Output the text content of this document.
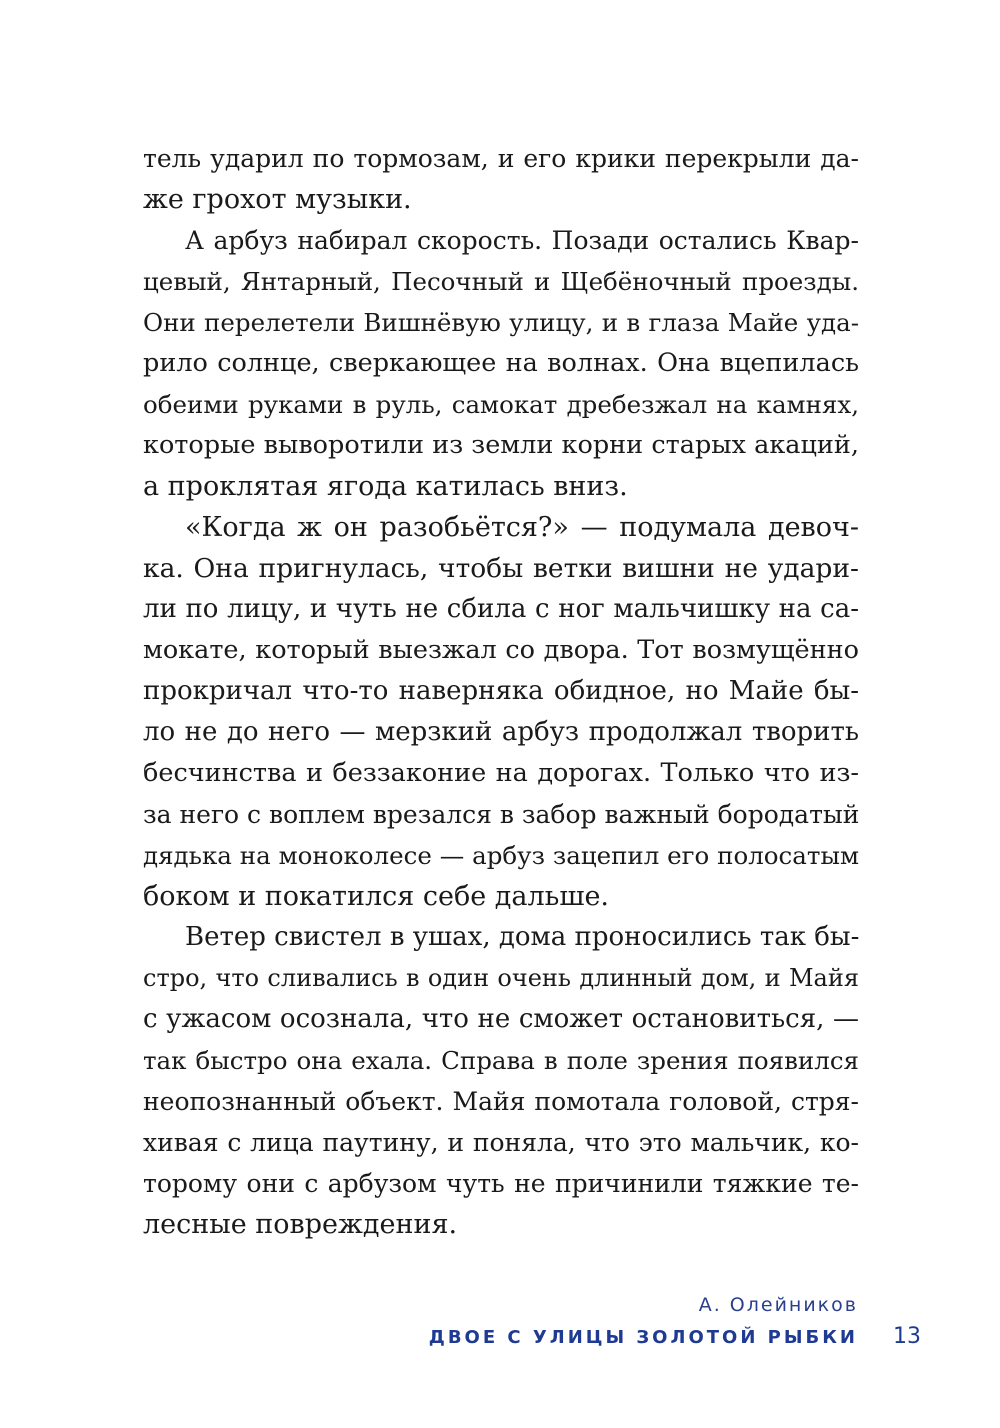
тель ударил по тормозам, и его крики перекрыли да-
же грохот музыки.
А арбуз набирал скорость. Позади остались Квар-
цевый, Янтарный, Песочный и Щебёночный проезды.
Они перелетели Вишнёвую улицу, и в глаза Майе уда-
рило солнце, сверкающее на волнах. Она вцепилась
обеими руками в руль, самокат дребезжал на камнях,
которые выворотили из земли корни старых акаций,
а проклятая ягода катилась вниз.
«Когда ж он разобьётся?» — подумала девоч-
ка. Она пригнулась, чтобы ветки вишни не удари-
ли по лицу, и чуть не сбила с ног мальчишку на са-
мокате, который выезжал со двора. Тот возмущённо
прокричал что-то наверняка обидное, но Майе бы-
ло не до него — мерзкий арбуз продолжал творить
бесчинства и беззаконие на дорогах. Только что из-
за него с воплем врезался в забор важный бородатый
дядька на моноколесе — арбуз зацепил его полосатым
боком и покатился себе дальше.
Ветер свистел в ушах, дома проносились так бы-
стро, что сливались в один очень длинный дом, и Майя
с ужасом осознала, что не сможет остановиться, —
так быстро она ехала. Справа в поле зрения появился
неопознанный объект. Майя помотала головой, стря-
хивая с лица паутину, и поняла, что это мальчик, ко-
торому они с арбузом чуть не причинили тяжкие те-
лесные повреждения.
А. Олейников
ДВОЕ С УЛИЦЫ ЗОЛОТОЙ РЫБКИ 13
